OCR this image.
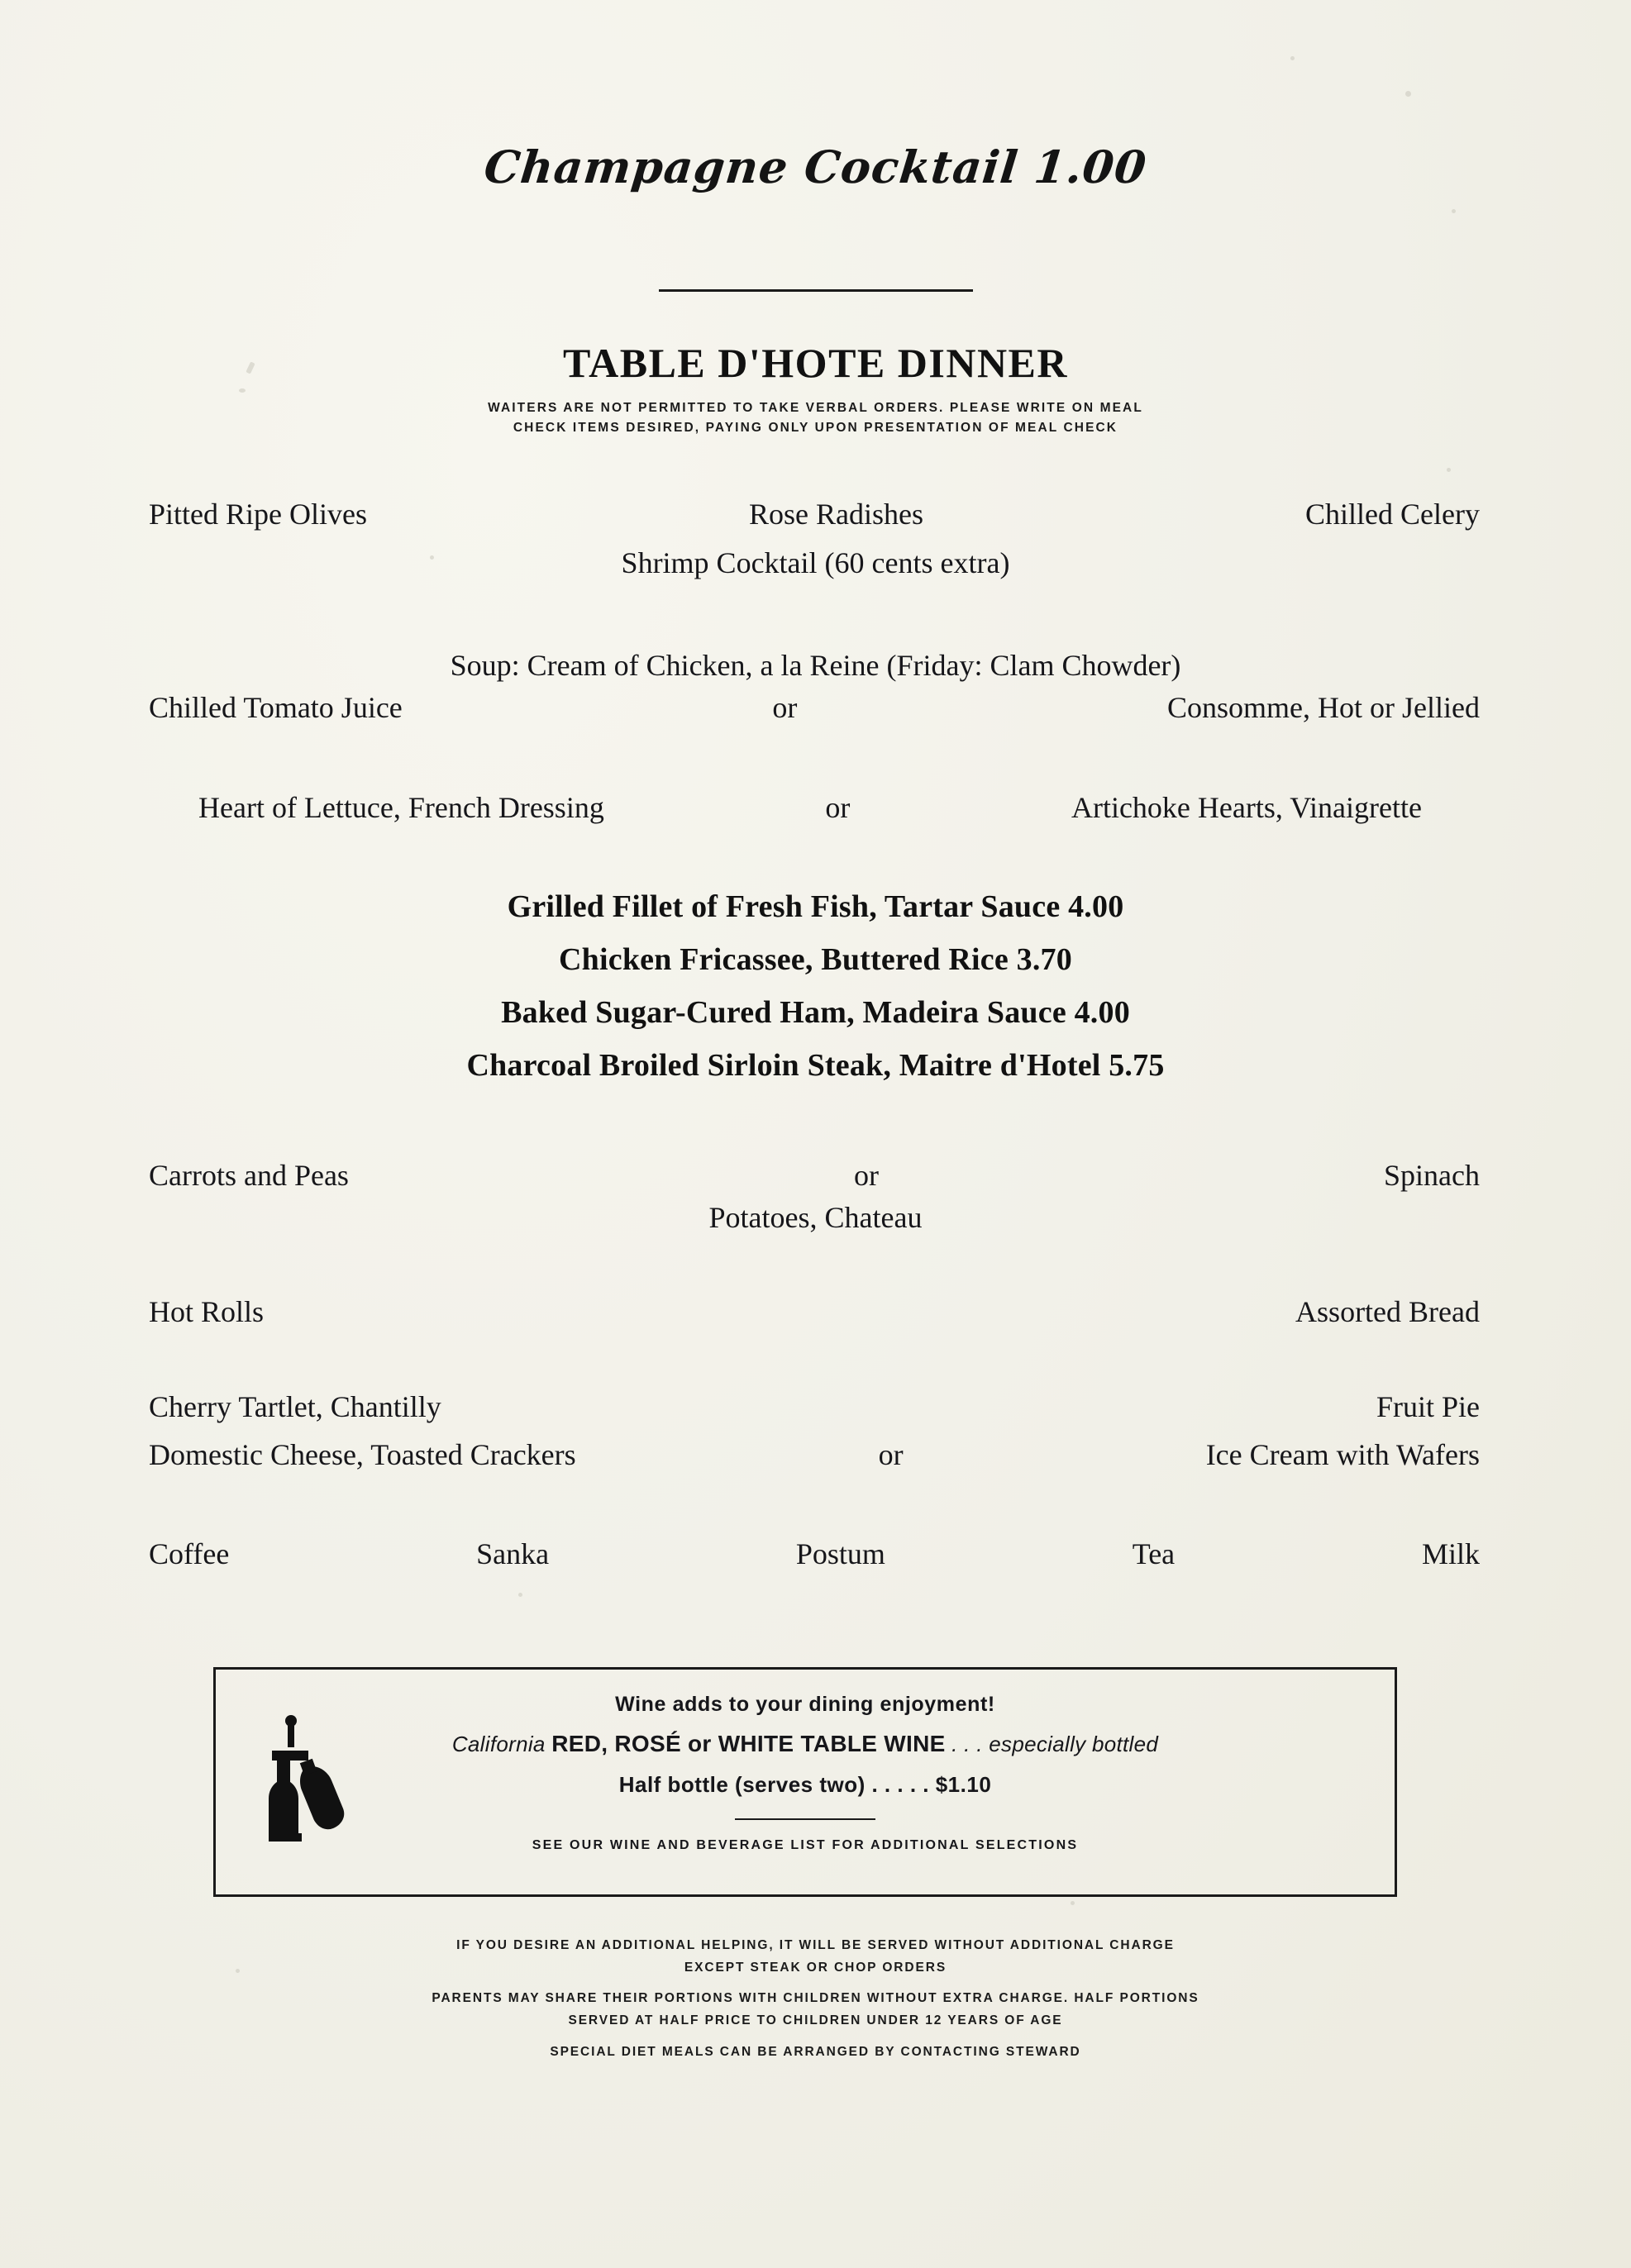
Champagne Cocktail 1.00
TABLE D'HOTE DINNER
WAITERS ARE NOT PERMITTED TO TAKE VERBAL ORDERS. PLEASE WRITE ON MEAL
CHECK ITEMS DESIRED, PAYING ONLY UPON PRESENTATION OF MEAL CHECK
Pitted Ripe Olives	Rose Radishes	Chilled Celery
Shrimp Cocktail (60 cents extra)
Soup: Cream of Chicken, a la Reine (Friday: Clam Chowder)
Chilled Tomato Juice	or	Consomme, Hot or Jellied
Heart of Lettuce, French Dressing	or	Artichoke Hearts, Vinaigrette
Grilled Fillet of Fresh Fish, Tartar Sauce 4.00
Chicken Fricassee, Buttered Rice 3.70
Baked Sugar-Cured Ham, Madeira Sauce 4.00
Charcoal Broiled Sirloin Steak, Maitre d'Hotel 5.75
Carrots and Peas	or	Spinach
Potatoes, Chateau
Hot Rolls	Assorted Bread
Cherry Tartlet, Chantilly	Fruit Pie
Domestic Cheese, Toasted Crackers	or	Ice Cream with Wafers
Coffee	Sanka	Postum	Tea	Milk
Wine adds to your dining enjoyment!
California RED, ROSÉ or WHITE TABLE WINE . . . especially bottled
Half bottle (serves two) . . . . . $1.10
SEE OUR WINE AND BEVERAGE LIST FOR ADDITIONAL SELECTIONS
IF YOU DESIRE AN ADDITIONAL HELPING, IT WILL BE SERVED WITHOUT ADDITIONAL CHARGE
EXCEPT STEAK OR CHOP ORDERS
PARENTS MAY SHARE THEIR PORTIONS WITH CHILDREN WITHOUT EXTRA CHARGE. HALF PORTIONS
SERVED AT HALF PRICE TO CHILDREN UNDER 12 YEARS OF AGE
SPECIAL DIET MEALS CAN BE ARRANGED BY CONTACTING STEWARD
